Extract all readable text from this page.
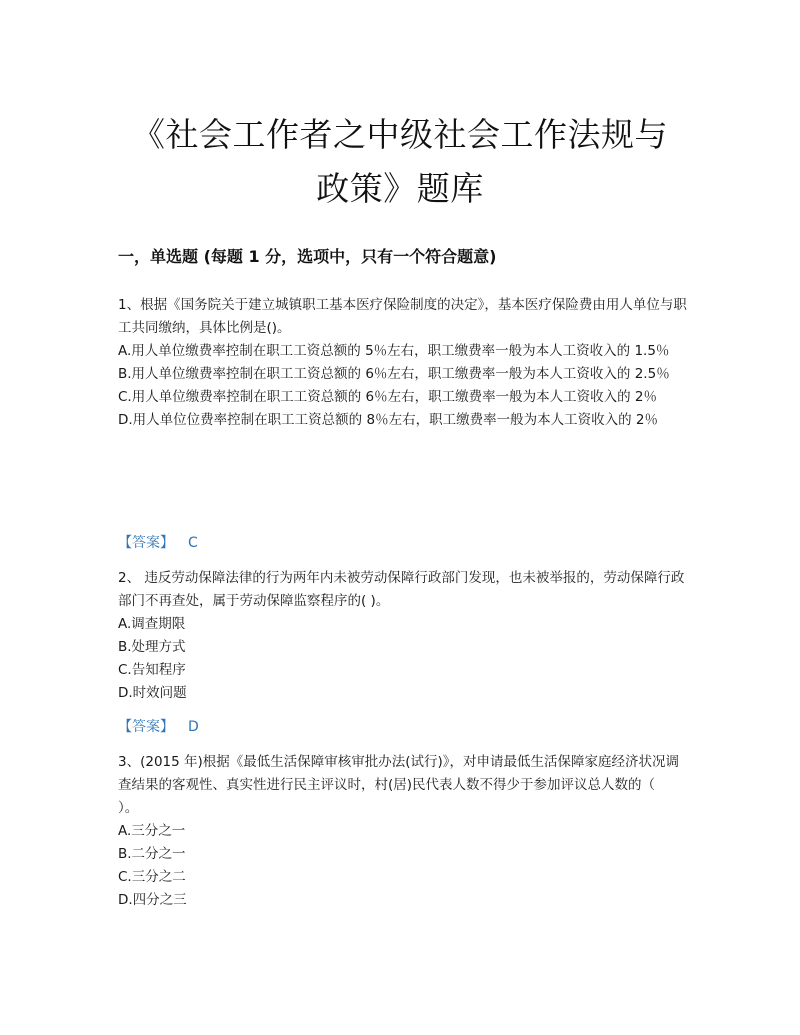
《社会工作者之中级社会工作法规与
政策》题库
一，单选题 (每题 1 分，选项中，只有一个符合题意)

1、根据《国务院关于建立城镇职工基本医疗保险制度的决定》，基本医疗保险费由用人单位与职工共同缴纳，具体比例是()。

A.用人单位缴费率控制在职工工资总额的 5％左右，职工缴费率一般为本人工资收入的 1.5％
B.用人单位缴费率控制在职工工资总额的 6％左右，职工缴费率一般为本人工资收入的 2.5％
C.用人单位缴费率控制在职工工资总额的 6％左右，职工缴费率一般为本人工资收入的 2％
D.用人单位位费率控制在职工工资总额的 8％左右，职工缴费率一般为本人工资收入的 2％
【答案】 C

2、 违反劳动保障法律的行为两年内未被劳动保障行政部门发现，也未被举报的，劳动保障行政部门不再查处，属于劳动保障监察程序的( )。

A.调查期限
B.处理方式
C.告知程序
D.时效问题
【答案】 D

3、(2015 年)根据《最低生活保障审核审批办法(试行)》，对申请最低生活保障家庭经济状况调查结果的客观性、真实性进行民主评议时，村(居)民代表人数不得少于参加评议总人数的（　　）。

A.三分之一
B.二分之一
C.三分之二
D.四分之三
